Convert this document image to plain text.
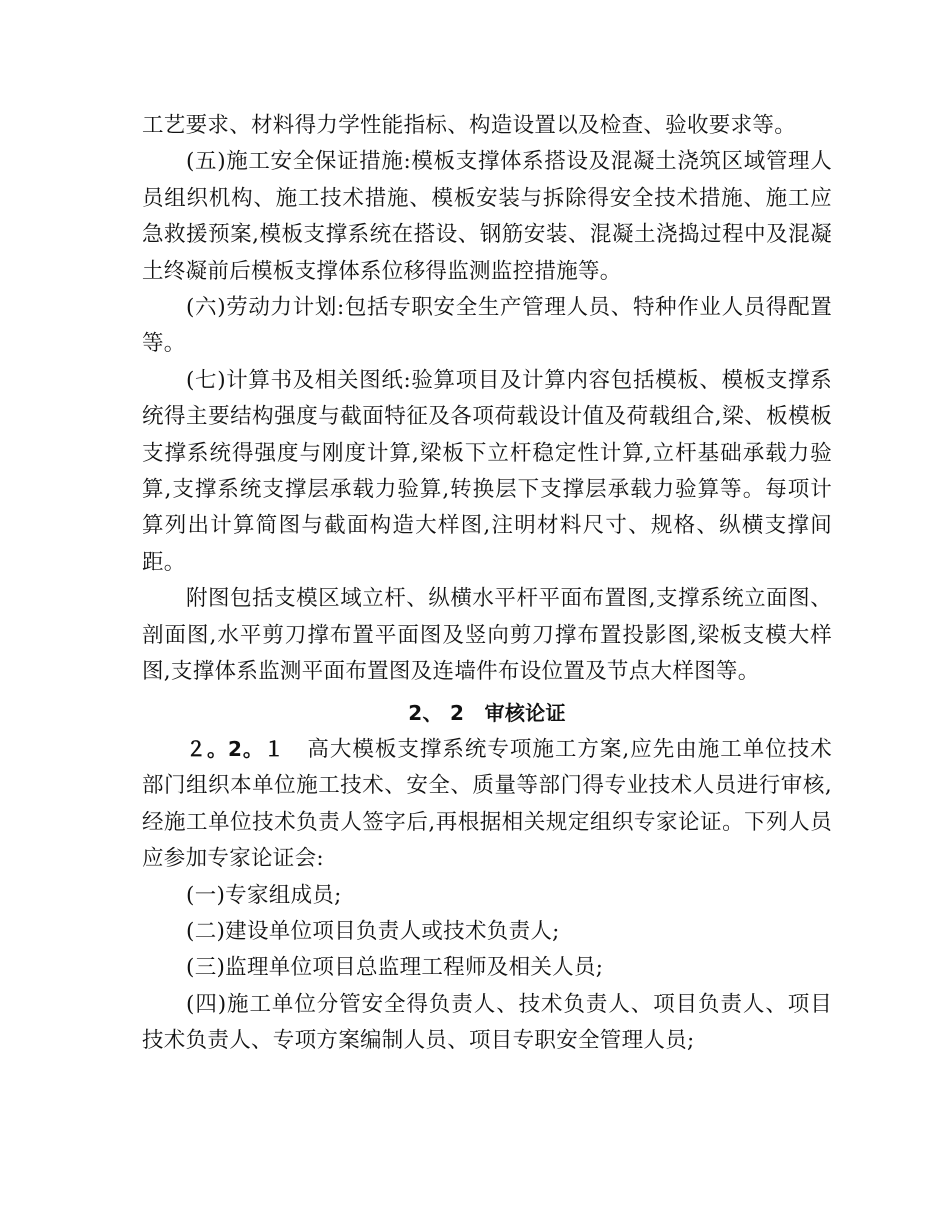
工艺要求、材料得力学性能指标、构造设置以及检查、验收要求等。

(五)施工安全保证措施:模板支撑体系搭设及混凝土浇筑区域管理人员组织机构、施工技术措施、模板安装与拆除得安全技术措施、施工应急救援预案,模板支撑系统在搭设、钢筋安装、混凝土浇捣过程中及混凝土终凝前后模板支撑体系位移得监测监控措施等。

(六)劳动力计划:包括专职安全生产管理人员、特种作业人员得配置等。

(七)计算书及相关图纸:验算项目及计算内容包括模板、模板支撑系统得主要结构强度与截面特征及各项荷载设计值及荷载组合,梁、板模板支撑系统得强度与刚度计算,梁板下立杆稳定性计算,立杆基础承载力验算,支撑系统支撑层承载力验算,转换层下支撑层承载力验算等。每项计算列出计算简图与截面构造大样图,注明材料尺寸、规格、纵横支撑间距。

附图包括支模区域立杆、纵横水平杆平面布置图,支撑系统立面图、剖面图,水平剪刀撑布置平面图及竖向剪刀撑布置投影图,梁板支模大样图,支撑体系监测平面布置图及连墙件布设位置及节点大样图等。

2、 2　审核论证

２。2。１　高大模板支撑系统专项施工方案,应先由施工单位技术部门组织本单位施工技术、安全、质量等部门得专业技术人员进行审核,经施工单位技术负责人签字后,再根据相关规定组织专家论证。下列人员应参加专家论证会:

(一)专家组成员;

(二)建设单位项目负责人或技术负责人;

(三)监理单位项目总监理工程师及相关人员;

(四)施工单位分管安全得负责人、技术负责人、项目负责人、项目技术负责人、专项方案编制人员、项目专职安全管理人员;
